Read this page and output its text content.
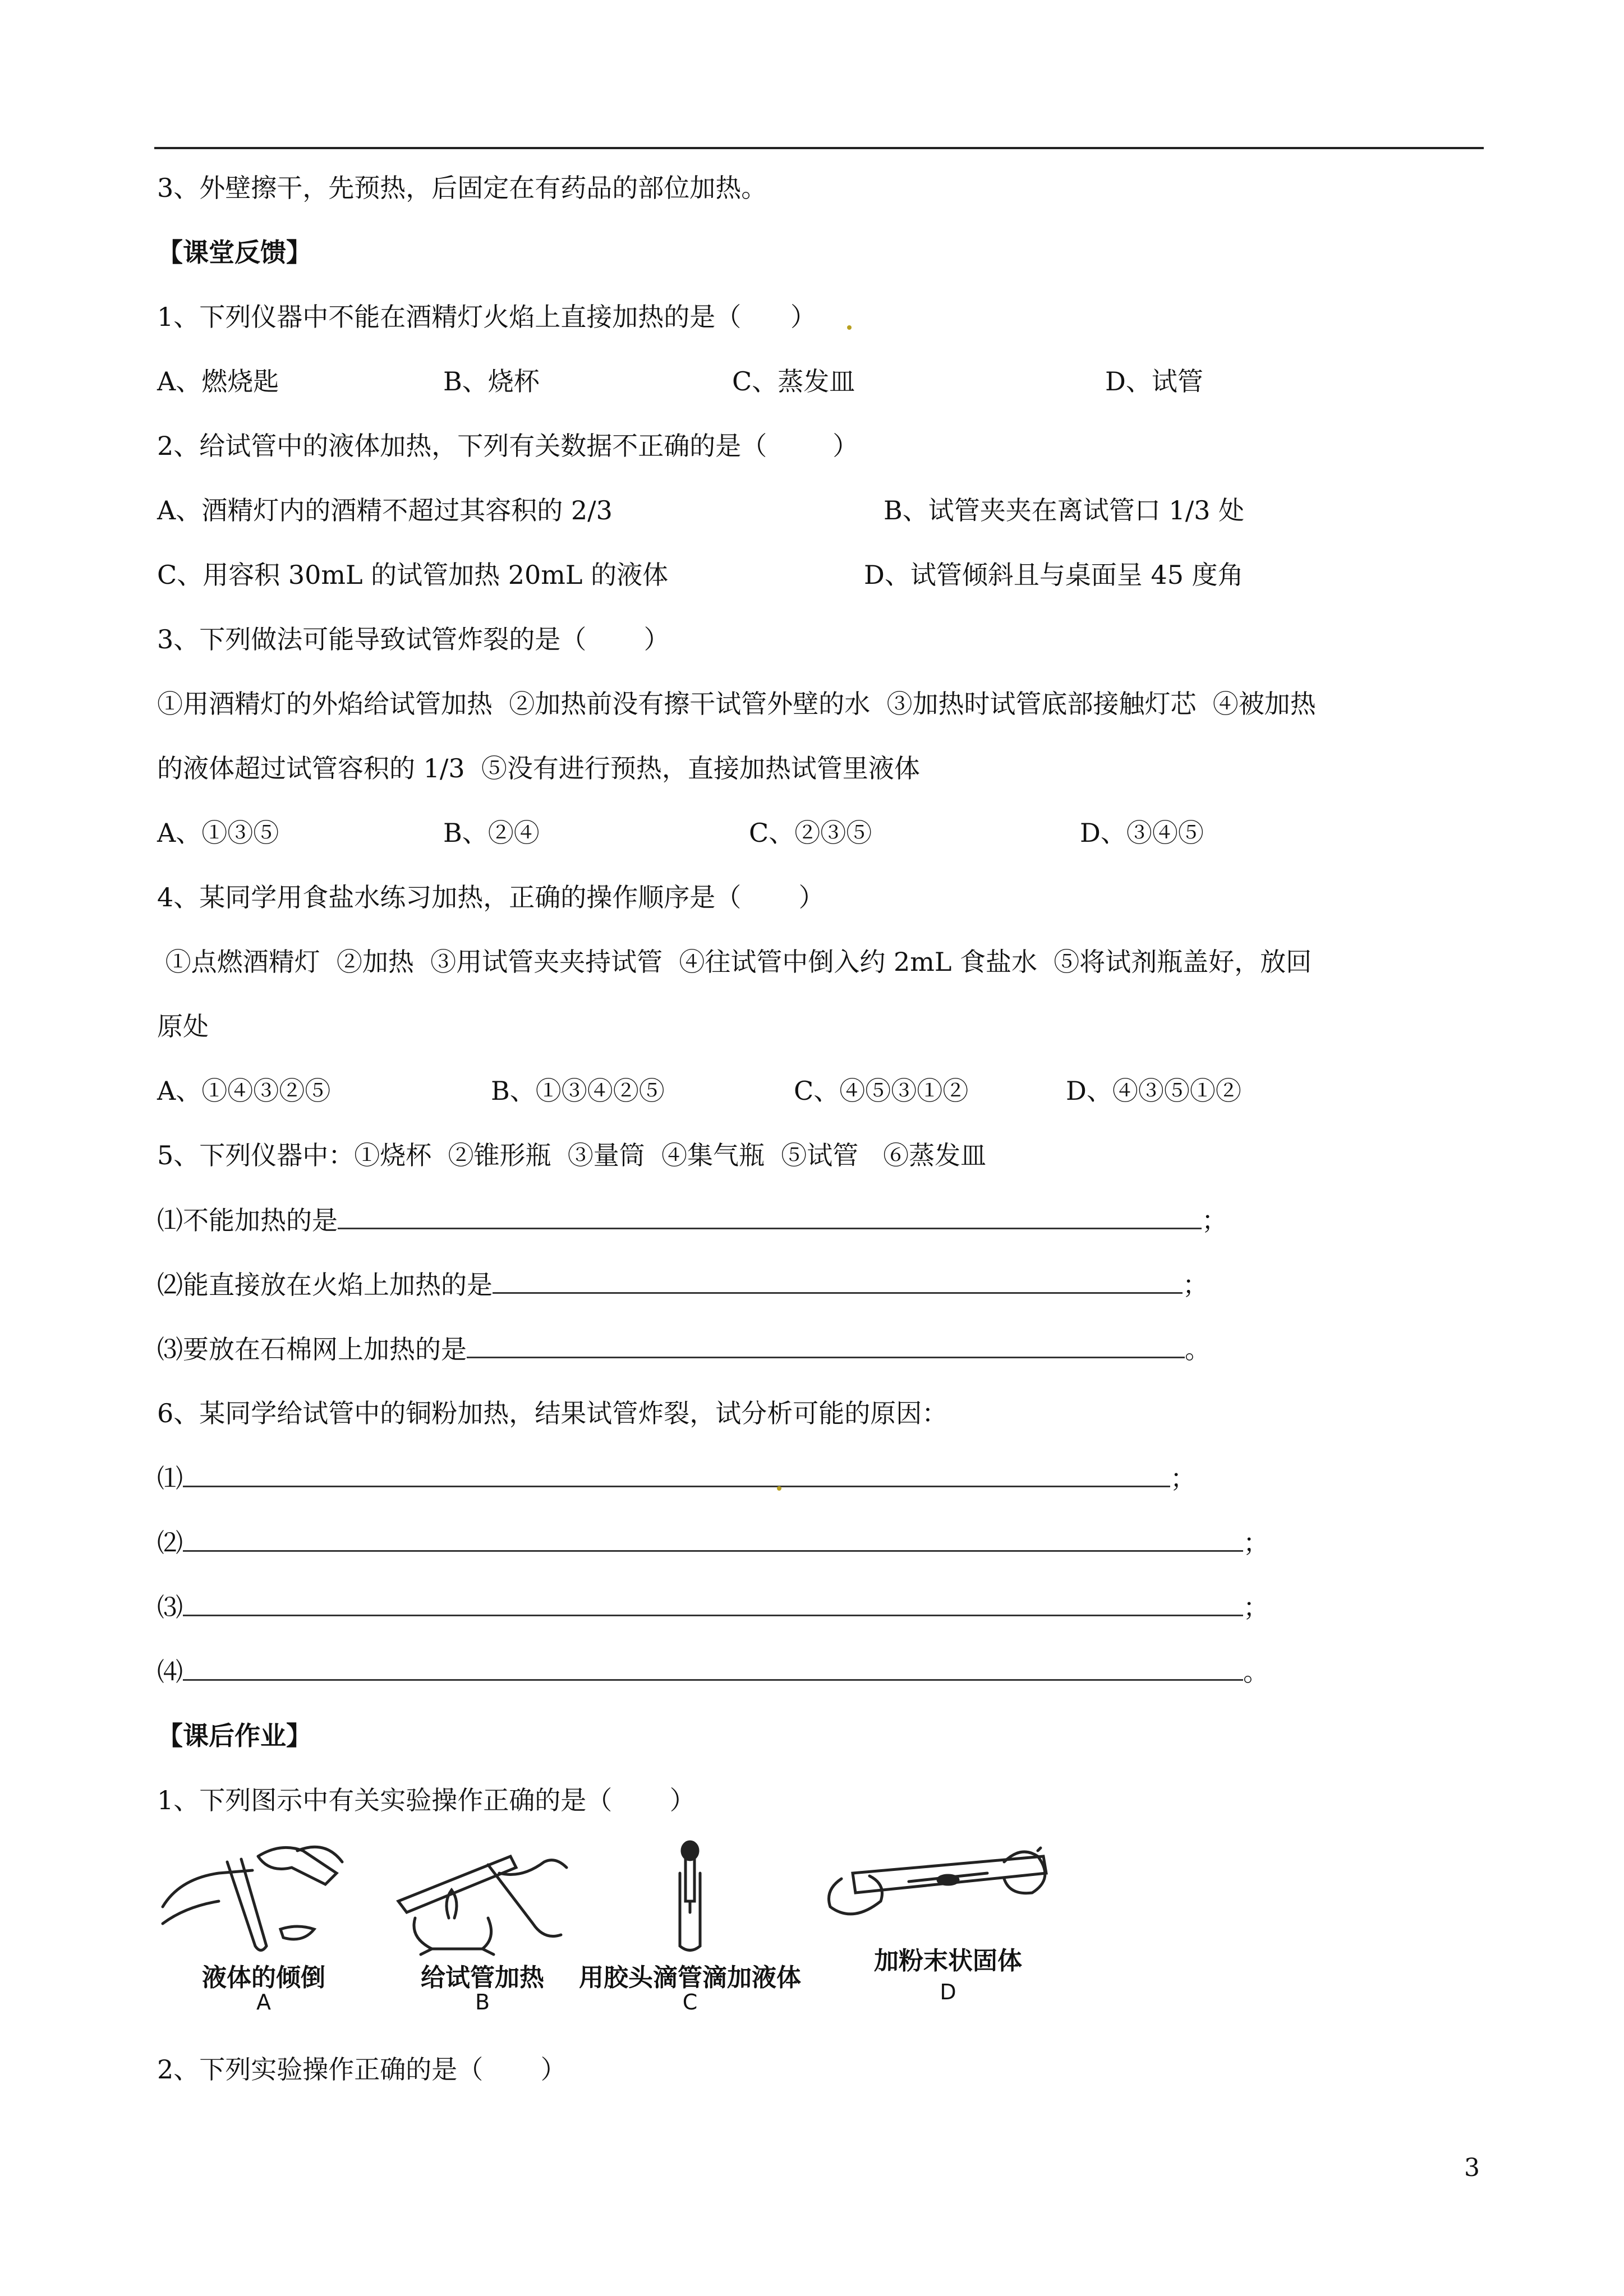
3、外壁擦干，先预热，后固定在有药品的部位加热。
【课堂反馈】
1、下列仪器中不能在酒精灯火焰上直接加热的是（      ）
A、燃烧匙	B、烧杯	C、蒸发皿	D、试管
2、给试管中的液体加热，下列有关数据不正确的是（        ）
A、酒精灯内的酒精不超过其容积的 2/3	B、试管夹夹在离试管口 1/3 处
C、用容积 30mL 的试管加热 20mL 的液体	D、试管倾斜且与桌面呈 45 度角
3、下列做法可能导致试管炸裂的是（       ）
①用酒精灯的外焰给试管加热  ②加热前没有擦干试管外壁的水  ③加热时试管底部接触灯芯  ④被加热
的液体超过试管容积的 1/3  ⑤没有进行预热，直接加热试管里液体
A、①③⑤	B、②④	C、②③⑤	D、③④⑤
4、某同学用食盐水练习加热，正确的操作顺序是（       ）
①点燃酒精灯  ②加热  ③用试管夹夹持试管  ④往试管中倒入约 2mL 食盐水  ⑤将试剂瓶盖好，放回
原处
A、①④③②⑤	B、①③④②⑤	C、④⑤③①②	D、④③⑤①②
5、下列仪器中：①烧杯  ②锥形瓶  ③量筒  ④集气瓶  ⑤试管   ⑥蒸发皿
⑴不能加热的是	；
⑵能直接放在火焰上加热的是	；
⑶要放在石棉网上加热的是	。
6、某同学给试管中的铜粉加热，结果试管炸裂，试分析可能的原因：
⑴	；
⑵	；
⑶	；
⑷	。
【课后作业】
1、下列图示中有关实验操作正确的是（       ）
液体的倾倒
A
给试管加热
B
用胶头滴管滴加液体
C
加粉末状固体
D
2、下列实验操作正确的是（       ）
3
